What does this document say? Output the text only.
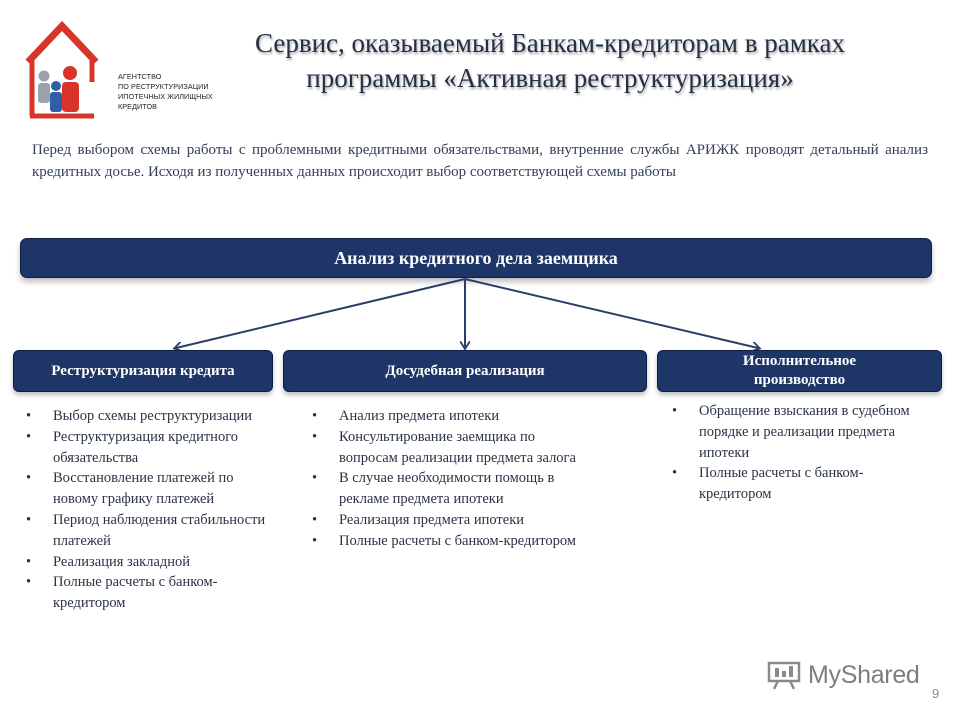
АГЕНТСТВО
ПО РЕСТРУКТУРИЗАЦИИ
ИПОТЕЧНЫХ ЖИЛИЩНЫХ
КРЕДИТОВ
Сервис, оказываемый Банкам-кредиторам в рамках
программы «Активная реструктуризация»
Перед выбором схемы работы с проблемными кредитными обязательствами, внутренние службы АРИЖК проводят детальный анализ кредитных досье. Исходя из полученных данных происходит выбор соответствующей схемы работы
Анализ кредитного дела заемщика
Реструктуризация кредита	Досудебная реализация
Исполнительное производство
• Выбор схемы реструктуризации
• Реструктуризация кредитного обязательства
• Восстановление платежей по новому графику платежей
• Период наблюдения стабильности платежей
• Реализация закладной
• Полные расчеты с банком-кредитором
• Анализ предмета ипотеки
• Консультирование заемщика по вопросам реализации предмета залога
• В случае необходимости помощь в рекламе предмета ипотеки
• Реализация предмета ипотеки
• Полные расчеты с банком-кредитором
• Обращение взыскания в судебном порядке и реализации предмета ипотеки
• Полные расчеты с банком-кредитором
MyShared
9
